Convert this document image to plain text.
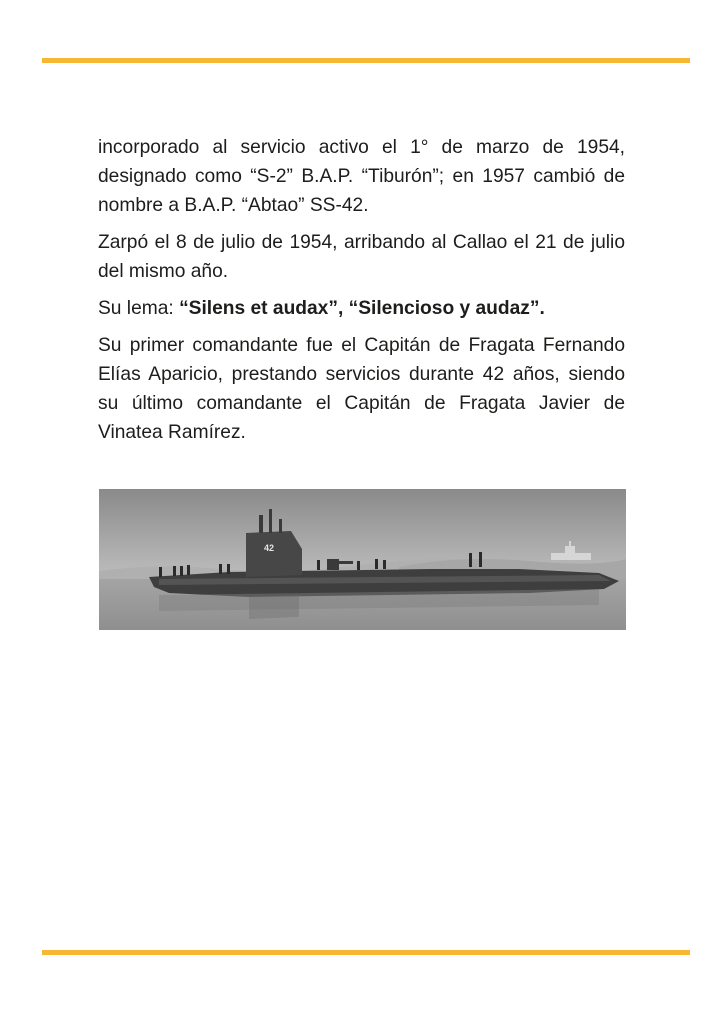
incorporado al servicio activo el 1° de marzo de 1954, designado como “S-2” B.A.P. “Tiburón”; en 1957 cambió de nombre a B.A.P. “Abtao” SS-42.

Zarpó el 8 de julio de 1954, arribando al Callao el 21 de julio del mismo año.

Su lema: “Silens et audax”, “Silencioso y audaz”.

Su primer comandante fue el Capitán de Fragata Fernando Elías Aparicio, prestando servicios durante 42 años, siendo su último comandante el Capitán de Fragata Javier de Vinatea Ramírez.

42
